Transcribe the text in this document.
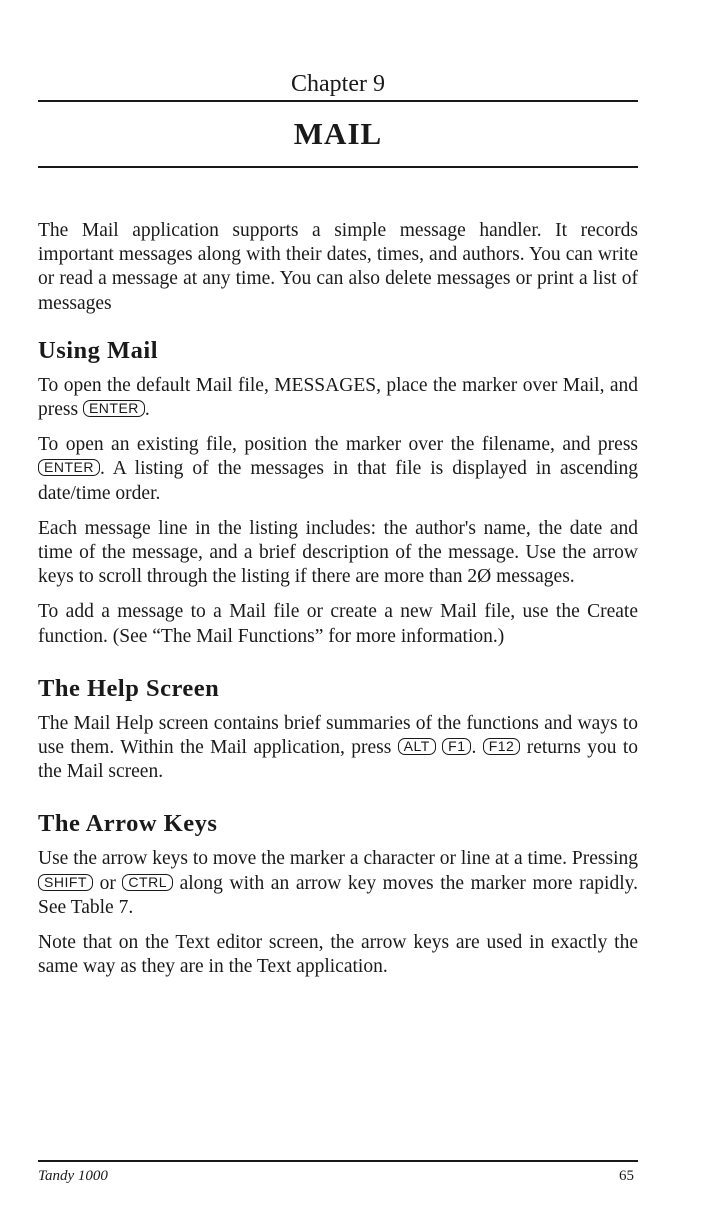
Chapter 9
MAIL

The Mail application supports a simple message handler. It records important messages along with their dates, times, and authors. You can write or read a message at any time. You can also delete messages or print a list of messages

Using Mail

To open the default Mail file, MESSAGES, place the marker over Mail, and press ENTER .

To open an existing file, position the marker over the filename, and press ENTER . A listing of the messages in that file is displayed in ascending date/time order.

Each message line in the listing includes: the author's name, the date and time of the message, and a brief description of the message. Use the arrow keys to scroll through the listing if there are more than 2Ø messages.

To add a message to a Mail file or create a new Mail file, use the Create function. (See “The Mail Functions” for more information.)

The Help Screen

The Mail Help screen contains brief summaries of the functions and ways to use them. Within the Mail application, press ALT F1 . F12 returns you to the Mail screen.

The Arrow Keys

Use the arrow keys to move the marker a character or line at a time. Pressing SHIFT or CTRL along with an arrow key moves the marker more rapidly. See Table 7.

Note that on the Text editor screen, the arrow keys are used in exactly the same way as they are in the Text application.

Tandy 1000	65
